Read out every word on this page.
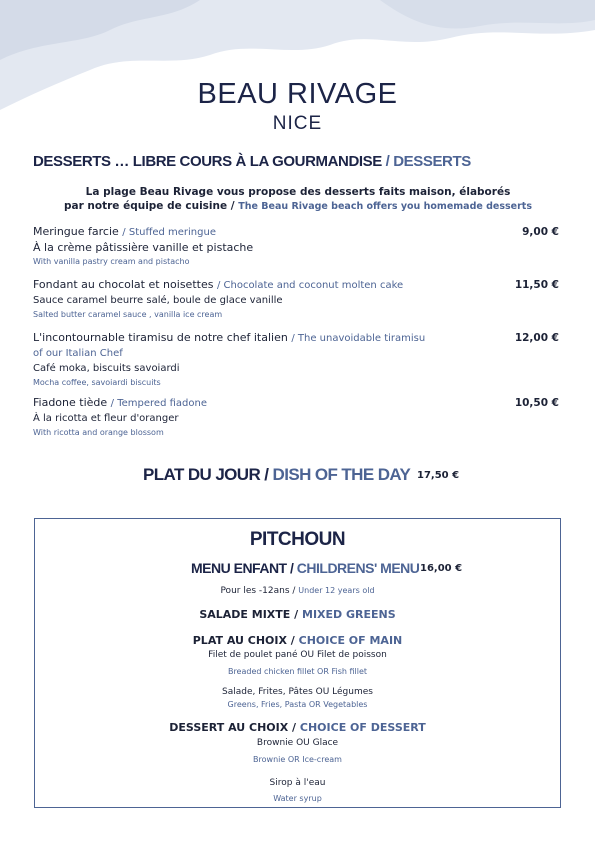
BEAU RIVAGE
NICE
DESSERTS … LIBRE COURS À LA GOURMANDISE / DESSERTS
La plage Beau Rivage vous propose des desserts faits maison, élaborés
par notre équipe de cuisine / The Beau Rivage beach offers you homemade desserts
Meringue farcie / Stuffed meringue
À la crème pâtissière vanille et pistache
With vanilla pastry cream and pistacho
9,00 €
Fondant au chocolat et noisettes / Chocolate and coconut molten cake
Sauce caramel beurre salé, boule de glace vanille
Salted butter caramel sauce , vanilla ice cream
11,50 €
L'incontournable tiramisu de notre chef italien / The unavoidable tiramisu
of our Italian Chef
Café moka, biscuits savoiardi
Mocha coffee, savoiardi biscuits
12,00 €
Fiadone tiède / Tempered fiadone
À la ricotta et fleur d'oranger
With ricotta and orange blossom
10,50 €
PLAT DU JOUR / DISH OF THE DAY 17,50 €
PITCHOUN
MENU ENFANT / CHILDRENS' MENU 16,00 €
Pour les -12ans / Under 12 years old
SALADE MIXTE / MIXED GREENS
PLAT AU CHOIX / CHOICE OF MAIN
Filet de poulet pané OU Filet de poisson
Breaded chicken fillet OR Fish fillet
Salade, Frites, Pâtes OU Légumes
Greens, Fries, Pasta OR Vegetables
DESSERT AU CHOIX / CHOICE OF DESSERT
Brownie OU Glace
Brownie OR Ice-cream
Sirop à l'eau
Water syrup
